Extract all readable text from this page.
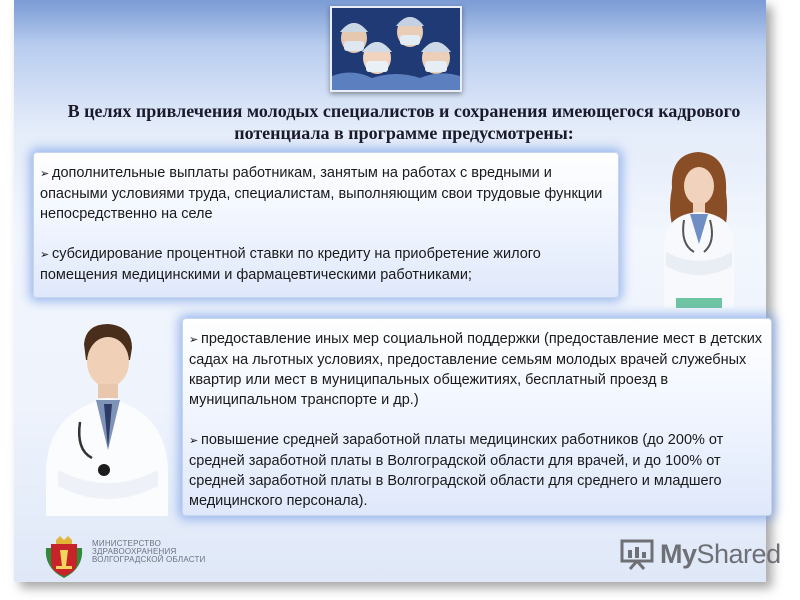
В целях привлечения молодых специалистов и сохранения имеющегося кадрового потенциала в программе предусмотрены:
➢ дополнительные выплаты работникам, занятым на работах с вредными и опасными условиями труда, специалистам, выполняющим свои трудовые функции непосредственно на селе
➢ субсидирование процентной ставки по кредиту на приобретение жилого помещения медицинскими и фармацевтическими работниками;
➢ предоставление иных мер социальной поддержки (предоставление мест в детских садах на льготных условиях, предоставление семьям молодых врачей служебных квартир или мест в муниципальных общежитиях, бесплатный проезд в муниципальном транспорте и др.)
➢ повышение средней заработной платы медицинских работников (до 200% от средней заработной платы в Волгоградской области для врачей, и до 100% от средней заработной платы в Волгоградской области для среднего и младшего медицинского персонала).
МИНИСТЕРСТВО
ЗДРАВООХРАНЕНИЯ
ВОЛГОГРАДСКОЙ ОБЛАСТИ	MyShared
